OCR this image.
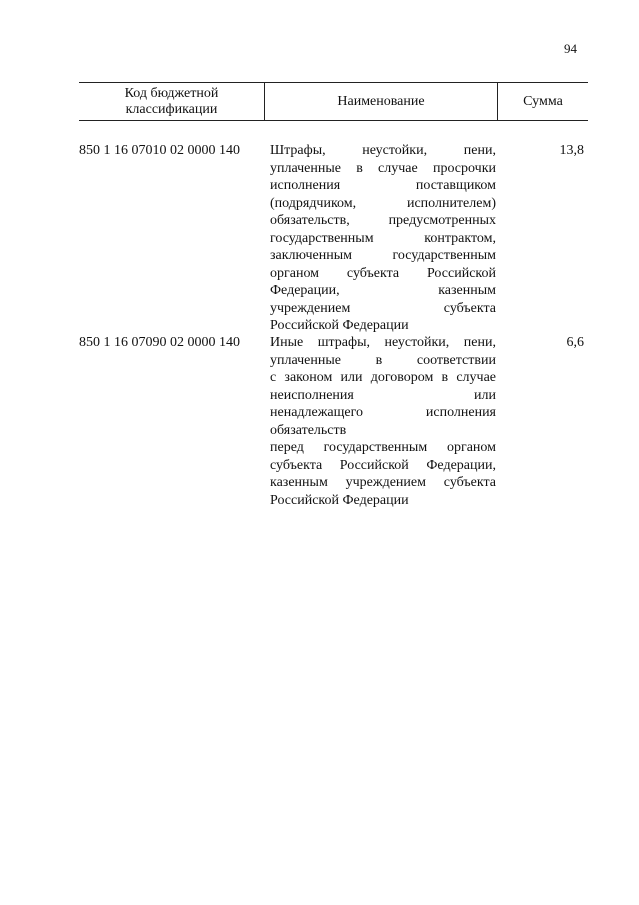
94
Код бюджетной
классификации
Наименование	Сумма
850 1 16 07010 02 0000 140 Штрафы, неустойки, пени,
уплаченные в случае просрочки
исполнения поставщиком
(подрядчиком, исполнителем)
обязательств, предусмотренных
государственным контрактом,
заключенным государственным
органом субъекта Российской
Федерации, казенным
учреждением субъекта
Российской Федерации
13,8
850 1 16 07090 02 0000 140 Иные штрафы, неустойки, пени,
уплаченные в соответствии
с законом или договором в случае
неисполнения или
ненадлежащего исполнения
обязательств
перед государственным органом
субъекта Российской Федерации,
казенным учреждением субъекта
Российской Федерации
6,6
